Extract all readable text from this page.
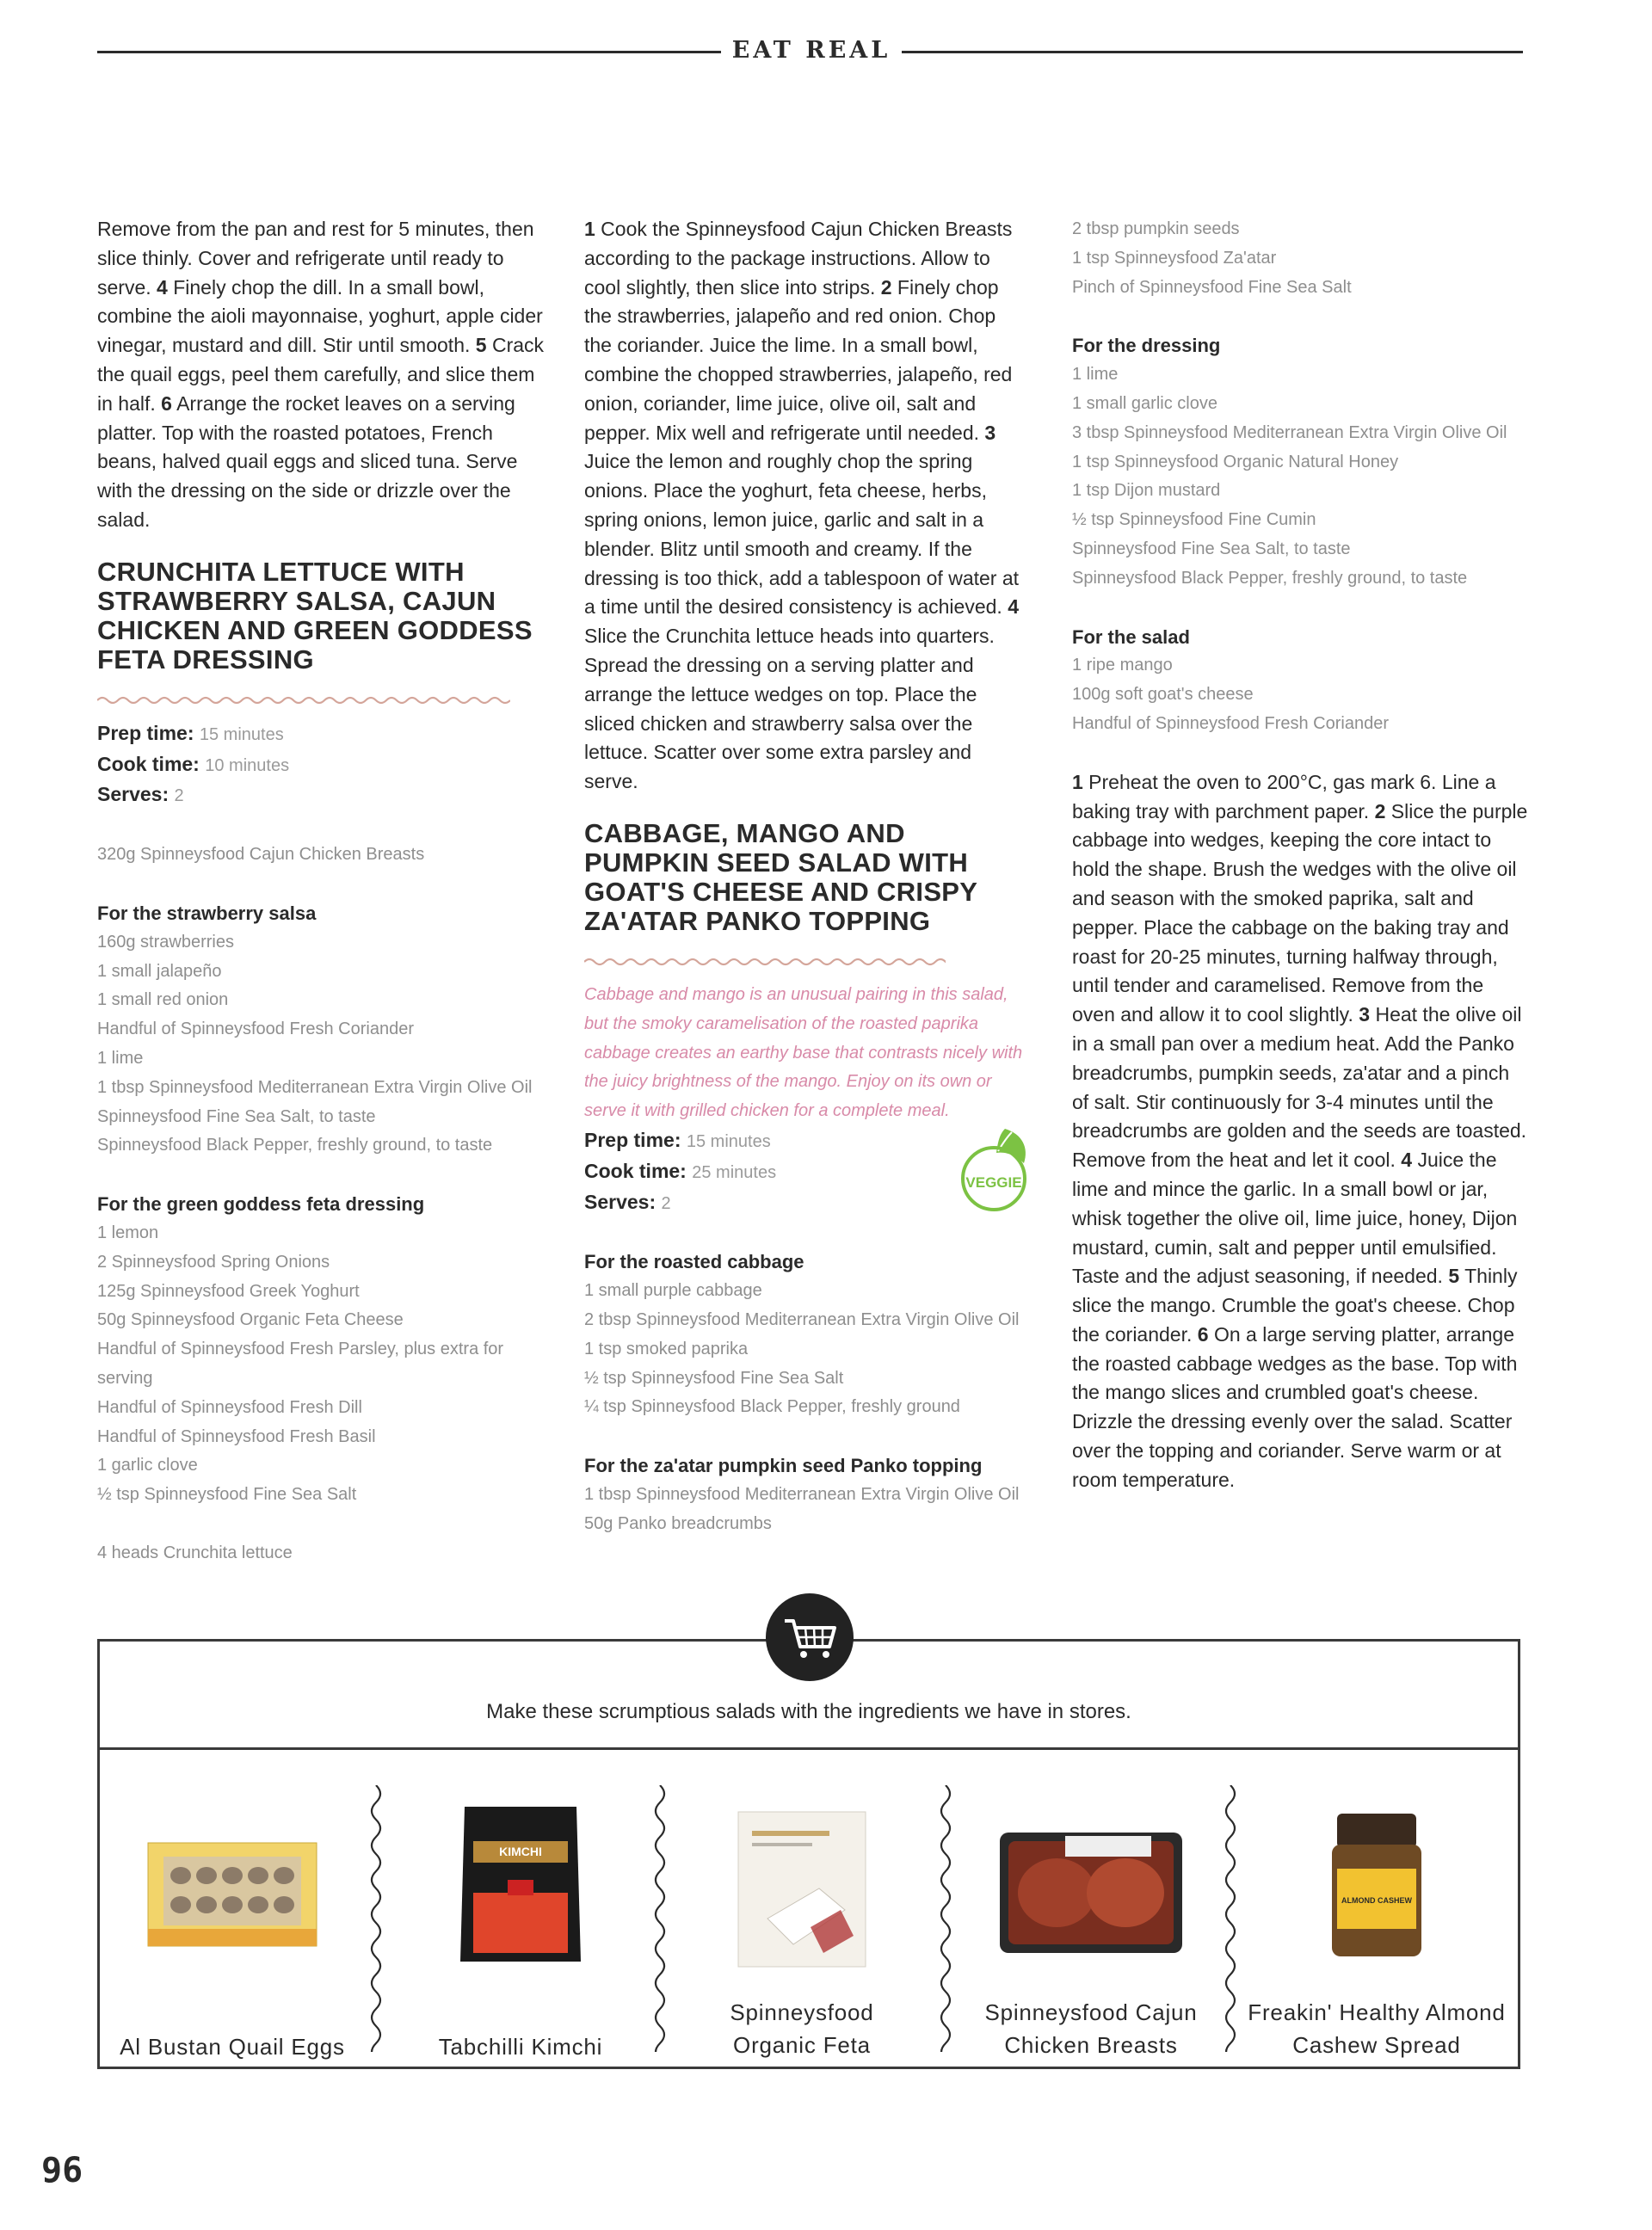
EAT REAL

Remove from the pan and rest for 5 minutes, then slice thinly. Cover and refrigerate until ready to serve. 4 Finely chop the dill. In a small bowl, combine the aioli mayonnaise, yoghurt, apple cider vinegar, mustard and dill. Stir until smooth. 5 Crack the quail eggs, peel them carefully, and slice them in half. 6 Arrange the rocket leaves on a serving platter. Top with the roasted potatoes, French beans, halved quail eggs and sliced tuna. Serve with the dressing on the side or drizzle over the salad.

CRUNCHITA LETTUCE WITH STRAWBERRY SALSA, CAJUN CHICKEN AND GREEN GODDESS FETA DRESSING
Prep time: 15 minutes
Cook time: 10 minutes
Serves: 2
320g Spinneysfood Cajun Chicken Breasts
For the strawberry salsa
160g strawberries
1 small jalapeño
1 small red onion
Handful of Spinneysfood Fresh Coriander
1 lime
1 tbsp Spinneysfood Mediterranean Extra Virgin Olive Oil
Spinneysfood Fine Sea Salt, to taste
Spinneysfood Black Pepper, freshly ground, to taste
For the green goddess feta dressing
1 lemon
2 Spinneysfood Spring Onions
125g Spinneysfood Greek Yoghurt
50g Spinneysfood Organic Feta Cheese
Handful of Spinneysfood Fresh Parsley, plus extra for serving
Handful of Spinneysfood Fresh Dill
Handful of Spinneysfood Fresh Basil
1 garlic clove
½ tsp Spinneysfood Fine Sea Salt
4 heads Crunchita lettuce

1 Cook the Spinneysfood Cajun Chicken Breasts according to the package instructions. Allow to cool slightly, then slice into strips. 2 Finely chop the strawberries, jalapeño and red onion. Chop the coriander. Juice the lime. In a small bowl, combine the chopped strawberries, jalapeño, red onion, coriander, lime juice, olive oil, salt and pepper. Mix well and refrigerate until needed. 3 Juice the lemon and roughly chop the spring onions. Place the yoghurt, feta cheese, herbs, spring onions, lemon juice, garlic and salt in a blender. Blitz until smooth and creamy. If the dressing is too thick, add a tablespoon of water at a time until the desired consistency is achieved. 4 Slice the Crunchita lettuce heads into quarters. Spread the dressing on a serving platter and arrange the lettuce wedges on top. Place the sliced chicken and strawberry salsa over the lettuce. Scatter over some extra parsley and serve.

CABBAGE, MANGO AND PUMPKIN SEED SALAD WITH GOAT'S CHEESE AND CRISPY ZA'ATAR PANKO TOPPING
Cabbage and mango is an unusual pairing in this salad, but the smoky caramelisation of the roasted paprika cabbage creates an earthy base that contrasts nicely with the juicy brightness of the mango. Enjoy on its own or serve it with grilled chicken for a complete meal.
Prep time: 15 minutes
Cook time: 25 minutes
Serves: 2
For the roasted cabbage
1 small purple cabbage
2 tbsp Spinneysfood Mediterranean Extra Virgin Olive Oil
1 tsp smoked paprika
½ tsp Spinneysfood Fine Sea Salt
¼ tsp Spinneysfood Black Pepper, freshly ground
For the za'atar pumpkin seed Panko topping
1 tbsp Spinneysfood Mediterranean Extra Virgin Olive Oil
50g Panko breadcrumbs
VEGGIE
2 tbsp pumpkin seeds
1 tsp Spinneysfood Za'atar
Pinch of Spinneysfood Fine Sea Salt
For the dressing
1 lime
1 small garlic clove
3 tbsp Spinneysfood Mediterranean Extra Virgin Olive Oil
1 tsp Spinneysfood Organic Natural Honey
1 tsp Dijon mustard
½ tsp Spinneysfood Fine Cumin
Spinneysfood Fine Sea Salt, to taste
Spinneysfood Black Pepper, freshly ground, to taste
For the salad
1 ripe mango
100g soft goat's cheese
Handful of Spinneysfood Fresh Coriander

1 Preheat the oven to 200°C, gas mark 6. Line a baking tray with parchment paper. 2 Slice the purple cabbage into wedges, keeping the core intact to hold the shape. Brush the wedges with the olive oil and season with the smoked paprika, salt and pepper. Place the cabbage on the baking tray and roast for 20-25 minutes, turning halfway through, until tender and caramelised. Remove from the oven and allow it to cool slightly. 3 Heat the olive oil in a small pan over a medium heat. Add the Panko breadcrumbs, pumpkin seeds, za'atar and a pinch of salt. Stir continuously for 3-4 minutes until the breadcrumbs are golden and the seeds are toasted. Remove from the heat and let it cool. 4 Juice the lime and mince the garlic. In a small bowl or jar, whisk together the olive oil, lime juice, honey, Dijon mustard, cumin, salt and pepper until emulsified. Taste and the adjust seasoning, if needed. 5 Thinly slice the mango. Crumble the goat's cheese. Chop the coriander. 6 On a large serving platter, arrange the roasted cabbage wedges as the base. Top with the mango slices and crumbled goat's cheese. Drizzle the dressing evenly over the salad. Scatter over the topping and coriander. Serve warm or at room temperature.

Make these scrumptious salads with the ingredients we have in stores.
Al Bustan Quail Eggs
KIMCHI
Tabchilli Kimchi
Spinneysfood
Organic Feta
Spinneysfood Cajun
Chicken Breasts
ALMOND CASHEW
Freakin' Healthy Almond
Cashew Spread
96
